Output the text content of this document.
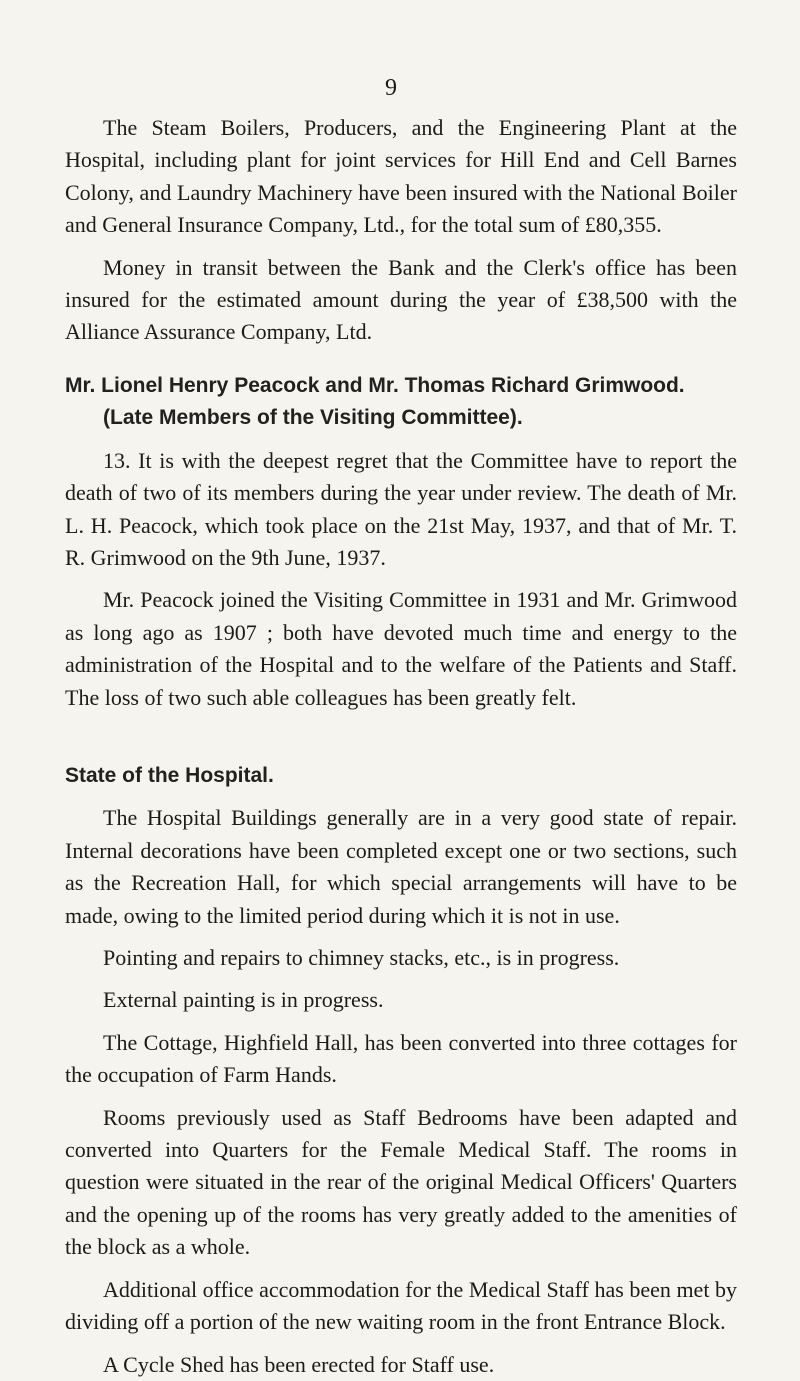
9

The Steam Boilers, Producers, and the Engineering Plant at the Hospital, including plant for joint services for Hill End and Cell Barnes Colony, and Laundry Machinery have been insured with the National Boiler and General Insurance Company, Ltd., for the total sum of £80,355.

Money in transit between the Bank and the Clerk's office has been insured for the estimated amount during the year of £38,500 with the Alliance Assurance Company, Ltd.

Mr. Lionel Henry Peacock and Mr. Thomas Richard Grimwood. (Late Members of the Visiting Committee).

13. It is with the deepest regret that the Committee have to report the death of two of its members during the year under review. The death of Mr. L. H. Peacock, which took place on the 21st May, 1937, and that of Mr. T. R. Grimwood on the 9th June, 1937.

Mr. Peacock joined the Visiting Committee in 1931 and Mr. Grimwood as long ago as 1907 ; both have devoted much time and energy to the administration of the Hospital and to the welfare of the Patients and Staff. The loss of two such able colleagues has been greatly felt.

State of the Hospital.

The Hospital Buildings generally are in a very good state of repair. Internal decorations have been completed except one or two sections, such as the Recreation Hall, for which special arrangements will have to be made, owing to the limited period during which it is not in use.

Pointing and repairs to chimney stacks, etc., is in progress.

External painting is in progress.

The Cottage, Highfield Hall, has been converted into three cottages for the occupation of Farm Hands.

Rooms previously used as Staff Bedrooms have been adapted and converted into Quarters for the Female Medical Staff. The rooms in question were situated in the rear of the original Medical Officers' Quarters and the opening up of the rooms has very greatly added to the amenities of the block as a whole.

Additional office accommodation for the Medical Staff has been met by dividing off a portion of the new waiting room in the front Entrance Block.

A Cycle Shed has been erected for Staff use.
